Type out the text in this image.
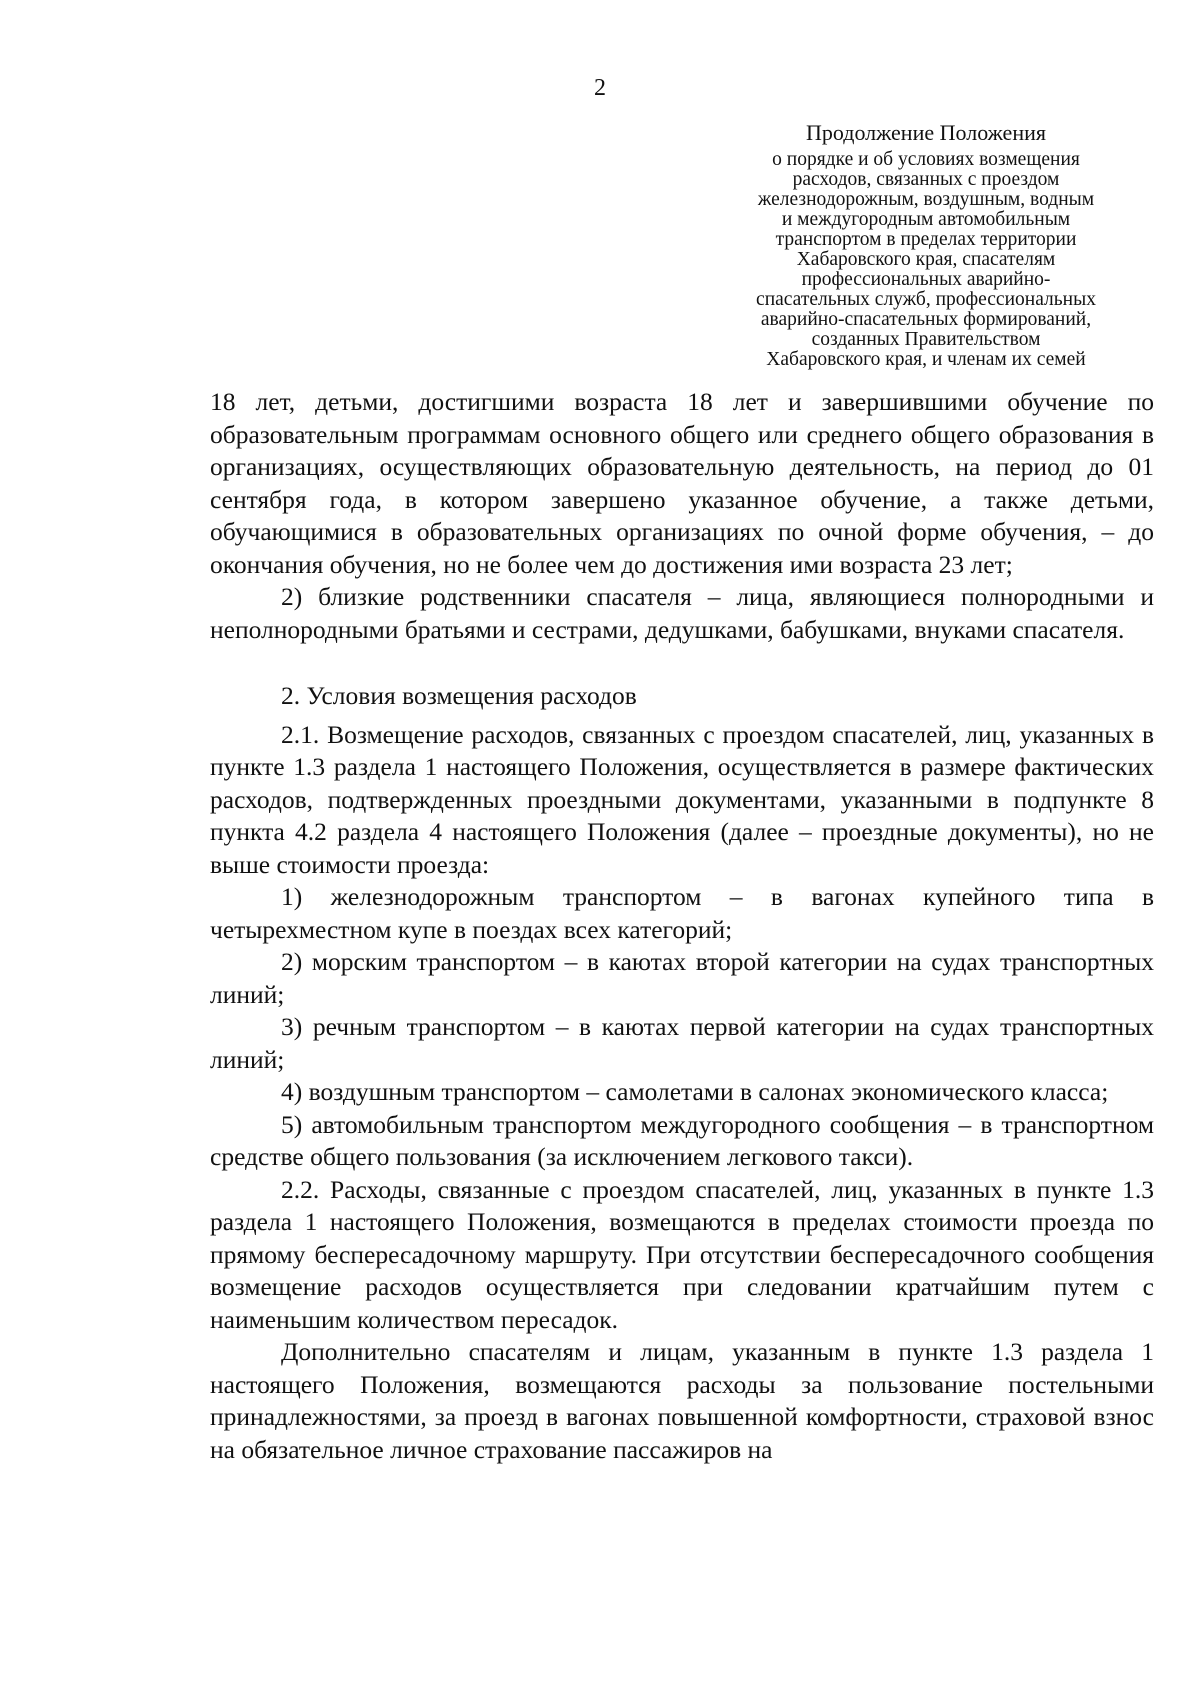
2
Продолжение Положения
о порядке и об условиях возмещения
расходов, связанных с проездом
железнодорожным, воздушным, водным
и междугородным автомобильным
транспортом в пределах территории
Хабаровского края, спасателям
профессиональных аварийно-
спасательных служб, профессиональных
аварийно-спасательных формирований,
созданных Правительством
Хабаровского края, и членам их семей

18 лет, детьми, достигшими возраста 18 лет и завершившими обучение по образовательным программам основного общего или среднего общего образования в организациях, осуществляющих образовательную деятельность, на период до 01 сентября года, в котором завершено указанное обучение, а также детьми, обучающимися в образовательных организациях по очной форме обучения, – до окончания обучения, но не более чем до достижения ими возраста 23 лет;

2) близкие родственники спасателя – лица, являющиеся полнородными и неполнородными братьями и сестрами, дедушками, бабушками, внуками спасателя.

2. Условия возмещения расходов

2.1. Возмещение расходов, связанных с проездом спасателей, лиц, указанных в пункте 1.3 раздела 1 настоящего Положения, осуществляется в размере фактических расходов, подтвержденных проездными документами, указанными в подпункте 8 пункта 4.2 раздела 4 настоящего Положения (далее – проездные документы), но не выше стоимости проезда:

1) железнодорожным транспортом – в вагонах купейного типа в четырехместном купе в поездах всех категорий;

2) морским транспортом – в каютах второй категории на судах транспортных линий;

3) речным транспортом – в каютах первой категории на судах транспортных линий;

4) воздушным транспортом – самолетами в салонах экономического класса;

5) автомобильным транспортом междугородного сообщения – в транспортном средстве общего пользования (за исключением легкового такси).

2.2. Расходы, связанные с проездом спасателей, лиц, указанных в пункте 1.3 раздела 1 настоящего Положения, возмещаются в пределах стоимости проезда по прямому беспересадочному маршруту. При отсутствии беспересадочного сообщения возмещение расходов осуществляется при следовании кратчайшим путем с наименьшим количеством пересадок.

Дополнительно спасателям и лицам, указанным в пункте 1.3 раздела 1 настоящего Положения, возмещаются расходы за пользование постельными принадлежностями, за проезд в вагонах повышенной комфортности, страховой взнос на обязательное личное страхование пассажиров на
